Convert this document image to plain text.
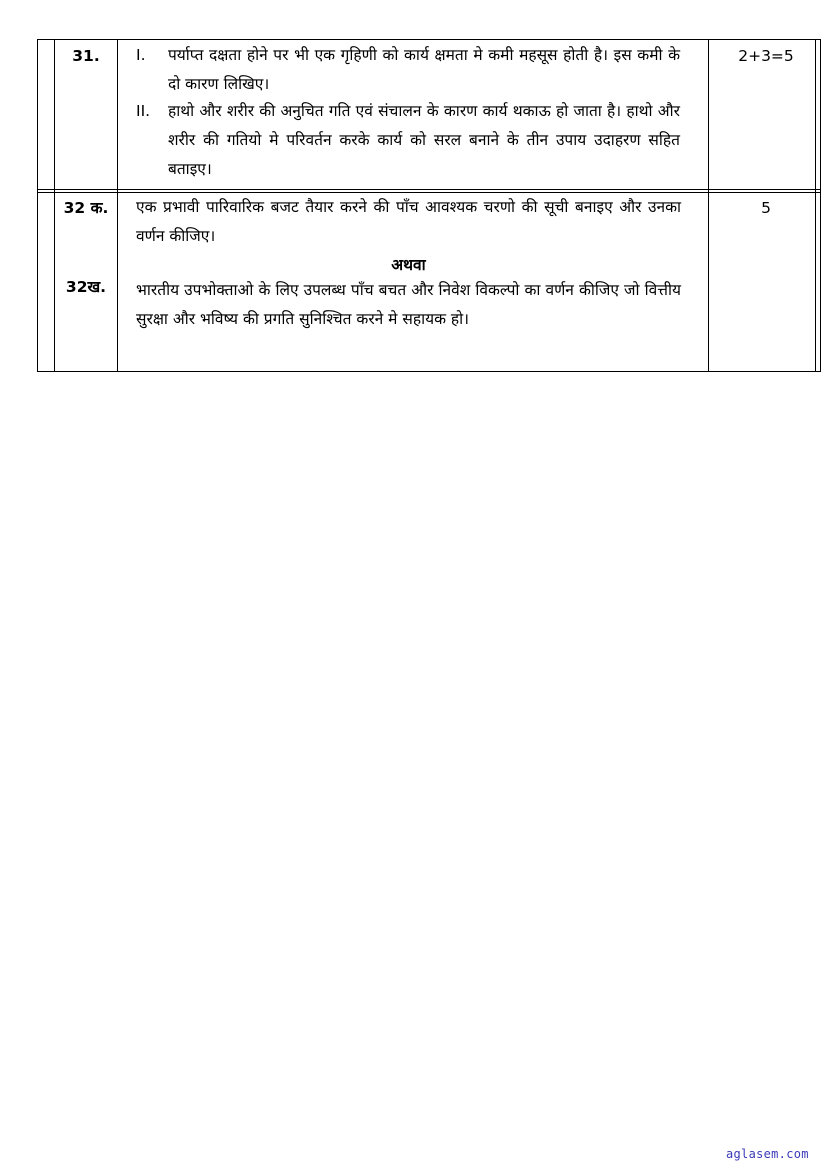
31.	I. पर्याप्त दक्षता होने पर भी एक गृहिणी को कार्य क्षमता मे कमी महसूस होती है। इस कमी के दो कारण लिखिए।
II. हाथो और शरीर की अनुचित गति एवं संचालन के कारण कार्य थकाऊ हो जाता है। हाथो और शरीर की गतियो मे परिवर्तन करके कार्य को सरल बनाने के तीन उपाय उदाहरण सहित बताइए।
2+3=5
32 क.
32ख.
एक प्रभावी पारिवारिक बजट तैयार करने की पाँच आवश्यक चरणो की सूची बनाइए और उनका वर्णन कीजिए।
अथवा
भारतीय उपभोक्ताओ के लिए उपलब्ध पाँच बचत और निवेश विकल्पो का वर्णन कीजिए जो वित्तीय सुरक्षा और भविष्य की प्रगति सुनिश्चित करने मे सहायक हो।
5
aglasem.com
